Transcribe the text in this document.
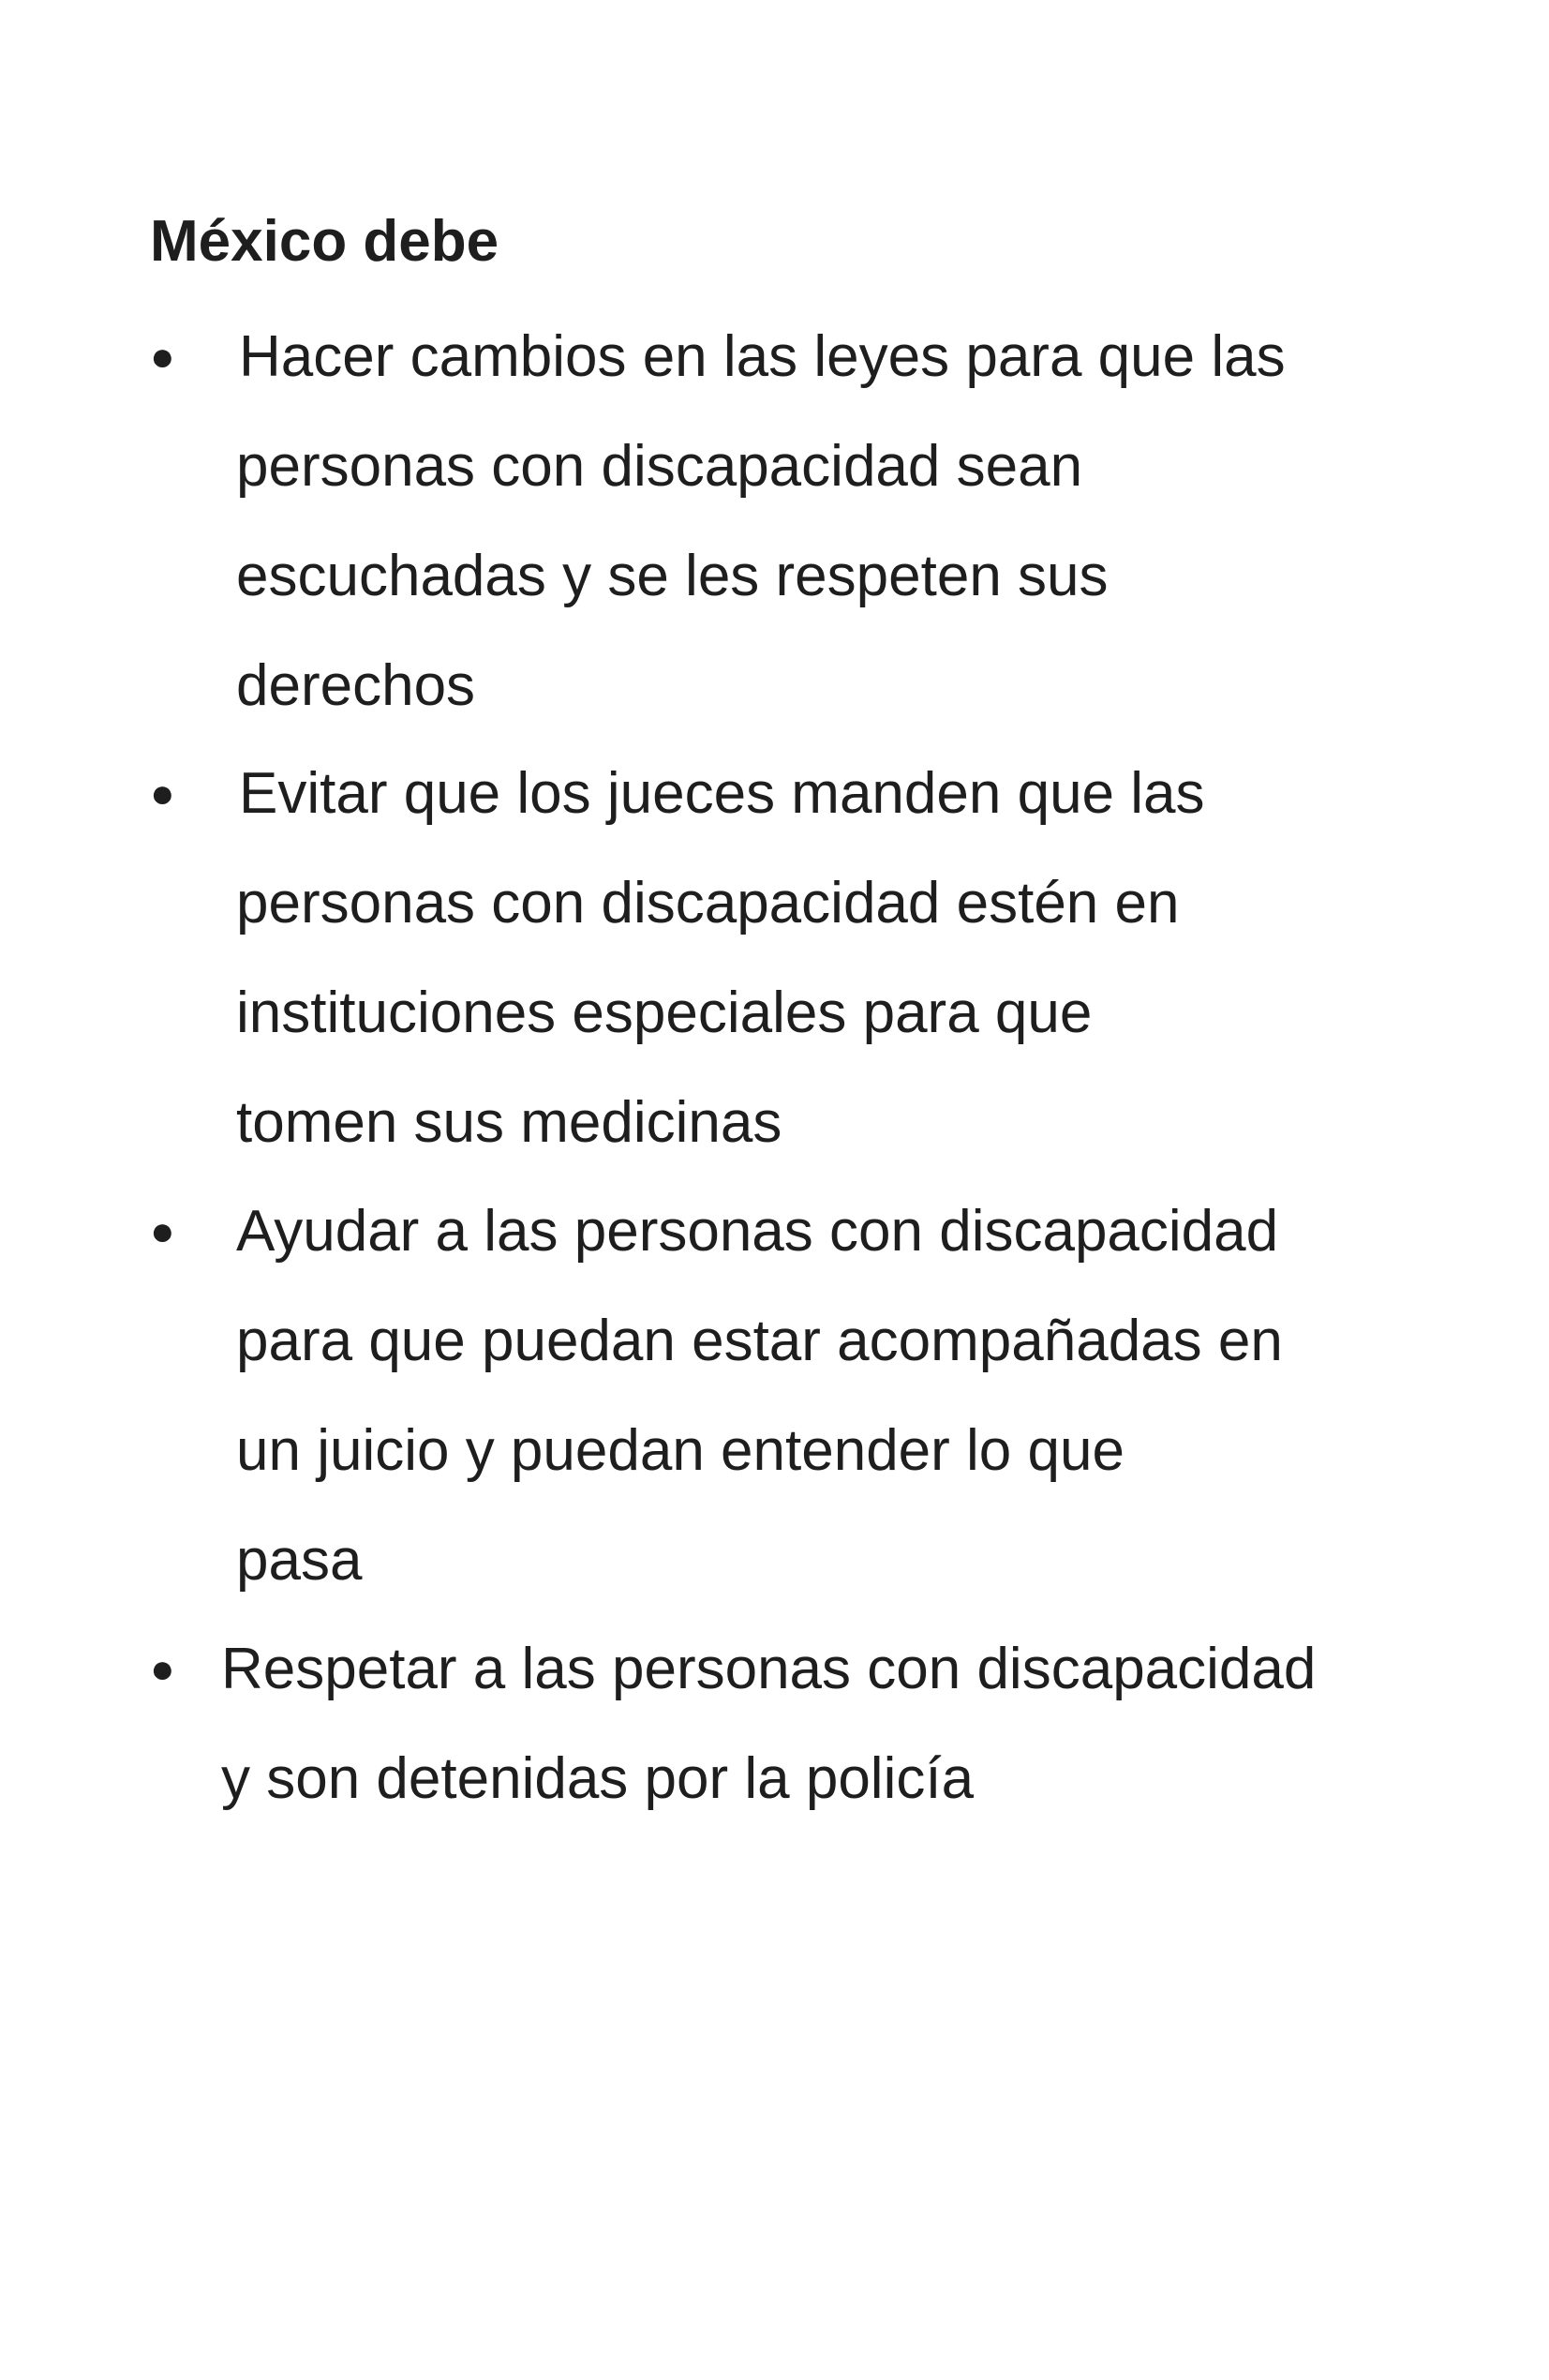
México debe
● Hacer cambios en las leyes para que las
personas con discapacidad sean
escuchadas y se les respeten sus
derechos
● Evitar que los jueces manden que las
personas con discapacidad estén en
instituciones especiales para que
tomen sus medicinas
● Ayudar a las personas con discapacidad
para que puedan estar acompañadas en
un juicio y puedan entender lo que
pasa
● Respetar a las personas con discapacidad
y son detenidas por la policía
